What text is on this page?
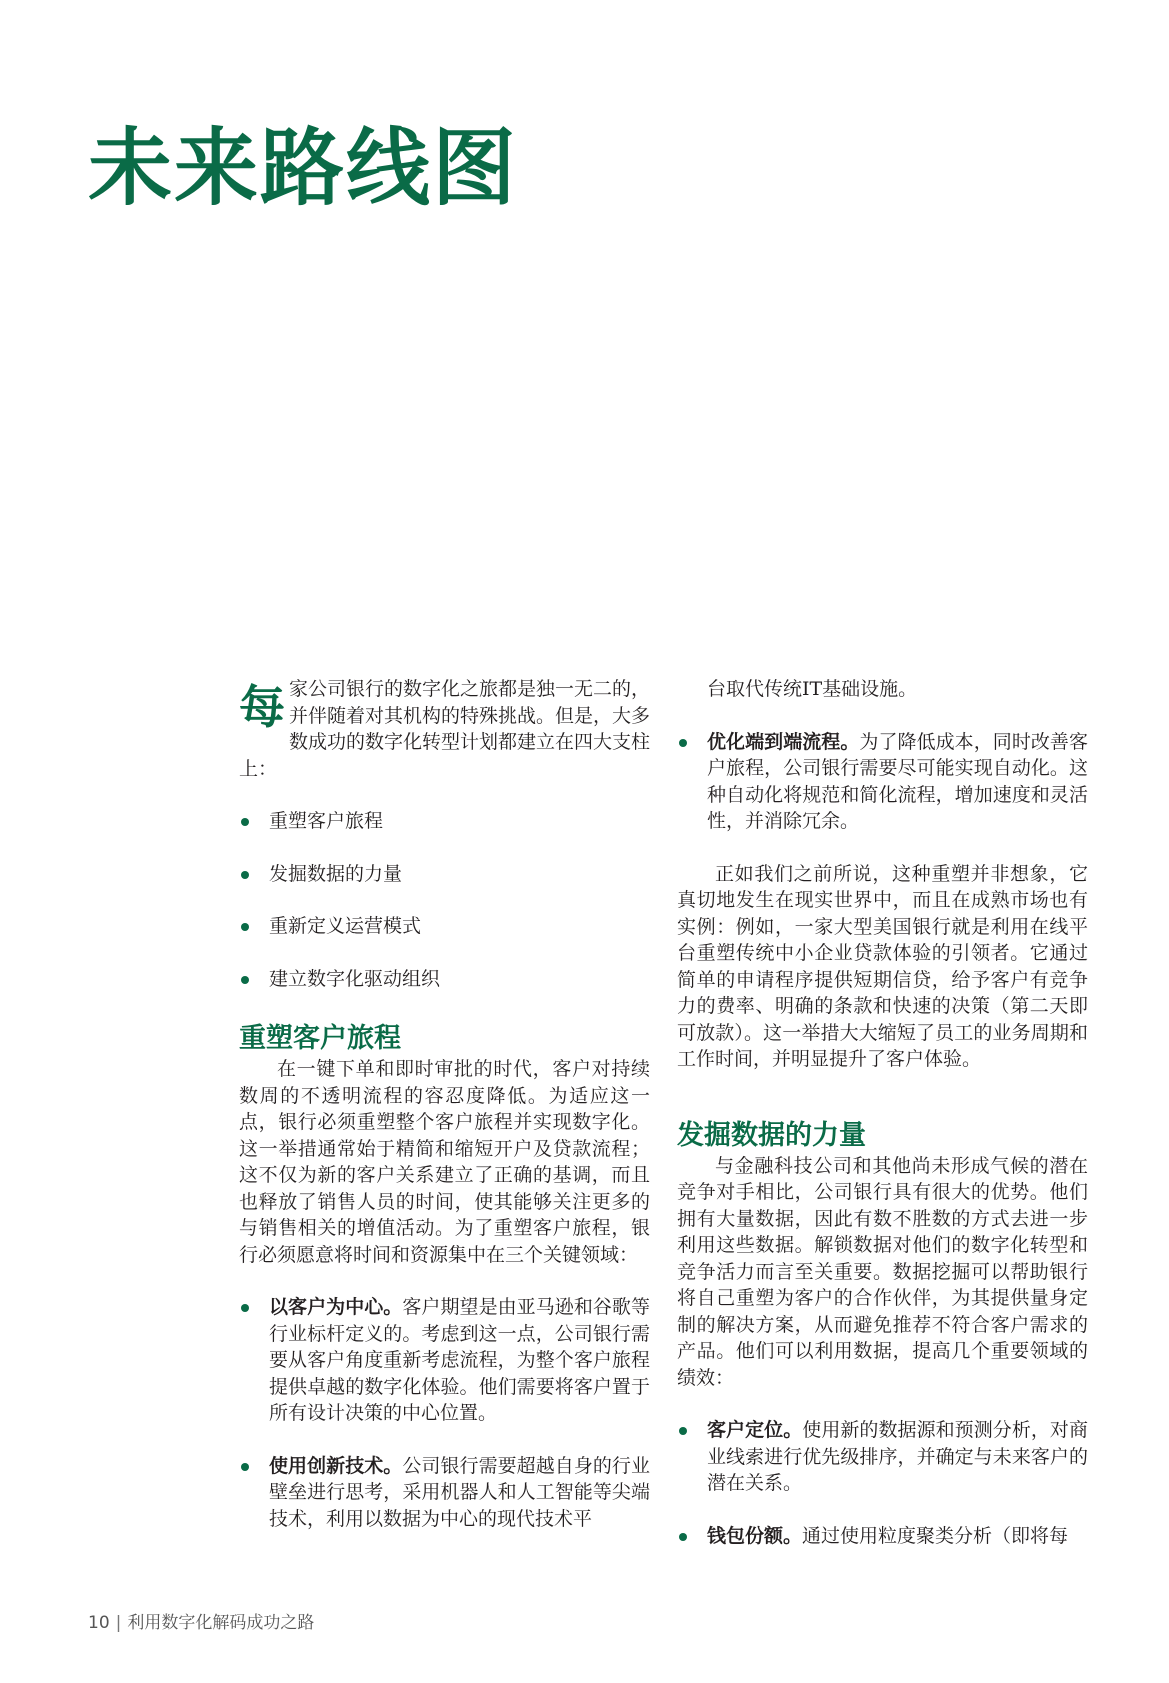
未来路线图

每家公司银行的数字化之旅都是独一无二的，并伴随着对其机构的特殊挑战。但是，大多数成功的数字化转型计划都建立在四大支柱上：

重塑客户旅程
发掘数据的力量
重新定义运营模式
建立数字化驱动组织
重塑客户旅程

在一键下单和即时审批的时代，客户对持续数周的不透明流程的容忍度降低。为适应这一点，银行必须重塑整个客户旅程并实现数字化。这一举措通常始于精简和缩短开户及贷款流程；这不仅为新的客户关系建立了正确的基调，而且也释放了销售人员的时间，使其能够关注更多的与销售相关的增值活动。为了重塑客户旅程，银行必须愿意将时间和资源集中在三个关键领域：

以客户为中心。客户期望是由亚马逊和谷歌等行业标杆定义的。考虑到这一点，公司银行需要从客户角度重新考虑流程，为整个客户旅程提供卓越的数字化体验。他们需要将客户置于所有设计决策的中心位置。
使用创新技术。公司银行需要超越自身的行业壁垒进行思考，采用机器人和人工智能等尖端技术，利用以数据为中心的现代技术平
台取代传统IT基础设施。
优化端到端流程。为了降低成本，同时改善客户旅程，公司银行需要尽可能实现自动化。这种自动化将规范和简化流程，增加速度和灵活性，并消除冗余。

正如我们之前所说，这种重塑并非想象，它真切地发生在现实世界中，而且在成熟市场也有实例：例如，一家大型美国银行就是利用在线平台重塑传统中小企业贷款体验的引领者。它通过简单的申请程序提供短期信贷，给予客户有竞争力的费率、明确的条款和快速的决策（第二天即可放款）。这一举措大大缩短了员工的业务周期和工作时间，并明显提升了客户体验。

发掘数据的力量

与金融科技公司和其他尚未形成气候的潜在竞争对手相比，公司银行具有很大的优势。他们拥有大量数据，因此有数不胜数的方式去进一步利用这些数据。解锁数据对他们的数字化转型和竞争活力而言至关重要。数据挖掘可以帮助银行将自己重塑为客户的合作伙伴，为其提供量身定制的解决方案，从而避免推荐不符合客户需求的产品。他们可以利用数据，提高几个重要领域的绩效：

客户定位。使用新的数据源和预测分析，对商业线索进行优先级排序，并确定与未来客户的潜在关系。
钱包份额。通过使用粒度聚类分析（即将每
10 | 利用数字化解码成功之路
